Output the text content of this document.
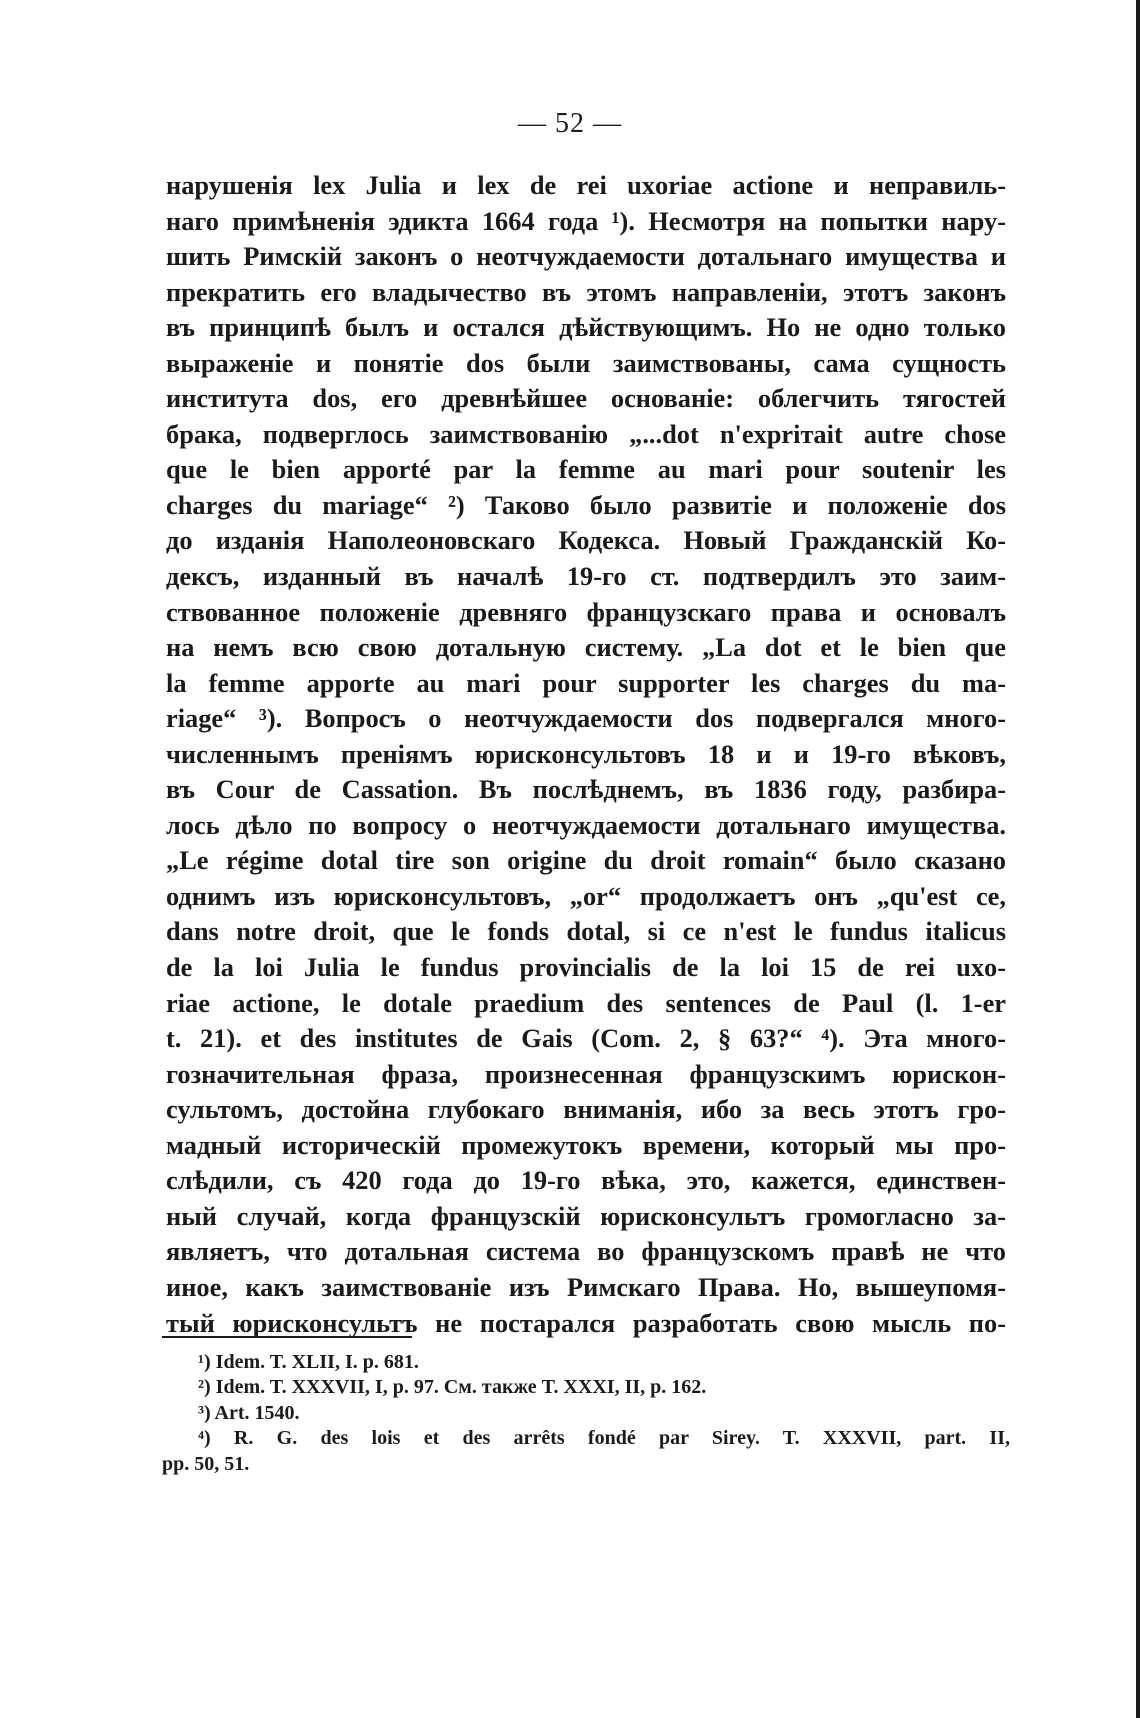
— 52 —
нарушенія lex Julia и lex de rei uxoriae actione и неправиль-
наго примѣненія эдикта 1664 года ¹). Несмотря на попытки нару-
шить Римскій законъ о неотчуждаемости дотальнаго имущества и
прекратить его владычество въ этомъ направленіи, этотъ законъ
въ принципѣ былъ и остался дѣйствующимъ. Но не одно только
выраженіе и понятіе dos были заимствованы, сама сущность
института dos, его древнѣйшее основаніе: облегчить тягостей
брака, подверглось заимствованію „...dot n'exprітait autre chose
que le bien apporté par la femme au mari pour soutenir les
charges du mariage“ ²) Таково было развитіе и положеніе dos
до изданія Наполеоновскаго Кодекса. Новый Гражданскій Ко-
дексъ, изданный въ началѣ 19-го ст. подтвердилъ это заим-
ствованное положеніе древняго французскаго права и основалъ
на немъ всю свою дотальную систему. „La dot et le bien que
la femme apporte au mari pour supporter les charges du ma-
riage“ ³). Вопросъ о неотчуждаемости dos подвергался много-
численнымъ преніямъ юрисконсультовъ 18 и и 19-го вѣковъ,
въ Cour de Cassation. Въ послѣднемъ, въ 1836 году, разбира-
лось дѣло по вопросу о неотчуждаемости дотальнаго имущества.
„Le régime dotal tire son origine du droit romain“ было сказано
однимъ изъ юрисконсультовъ, „or“ продолжаетъ онъ „qu'est ce,
dans notre droit, que le fonds dotal, si ce n'est le fundus italicus
de la loi Julia le fundus provincialis de la loi 15 de rei uxo-
riae actione, le dotale praedium des sentences de Paul (l. 1-er
t. 21). et des institutes de Gais (Com. 2, § 63?“ ⁴). Эта много-
гозначительная фраза, произнесенная французскимъ юрискон-
сультомъ, достойна глубокаго вниманія, ибо за весь этотъ гро-
мадный историческій промежутокъ времени, который мы про-
слѣдили, съ 420 года до 19-го вѣка, это, кажется, единствен-
ный случай, когда французскій юрисконсультъ громогласно за-
являетъ, что дотальная система во французскомъ правѣ не что
иное, какъ заимствованіе изъ Римскаго Права. Но, вышеупомя-
тый юрисконсультъ не постарался разработать свою мысль по-
¹) Idem. T. XLII, I. p. 681.
²) Idem. T. XXXVII, I, p. 97. См. также T. XXXI, II, p. 162.
³) Art. 1540.
⁴) R. G. des lois et des arrêts fondé par Sirey. T. XXXVII, part. II,
pp. 50, 51.
